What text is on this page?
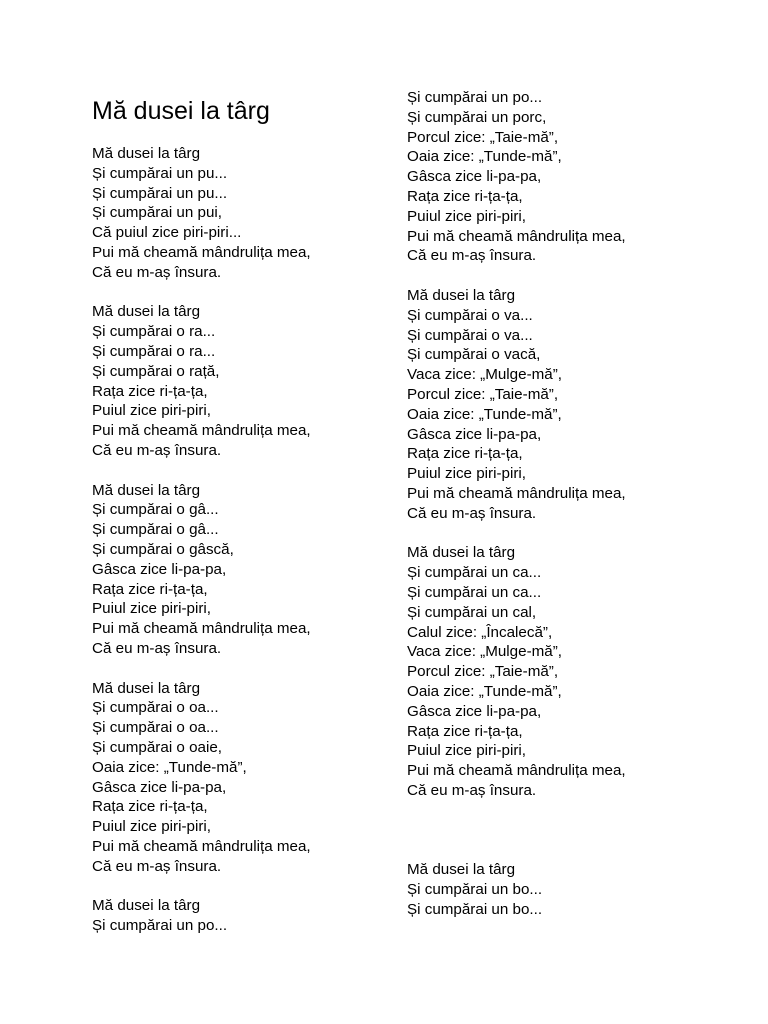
Mă dusei la târg
Mă dusei la târg
Și cumpărai un pu...
Și cumpărai un pu...
Și cumpărai un pui,
Că puiul zice piri-piri...
Pui mă cheamă mândrulița mea,
Că eu m-aș însura.
Mă dusei la târg
Și cumpărai o ra...
Și cumpărai o ra...
Și cumpărai o rață,
Rața zice ri-ța-ța,
Puiul zice piri-piri,
Pui mă cheamă mândrulița mea,
Că eu m-aș însura.
Mă dusei la târg
Și cumpărai o gâ...
Și cumpărai o gâ...
Și cumpărai o gâscă,
Gâsca zice li-pa-pa,
Rața zice ri-ța-ța,
Puiul zice piri-piri,
Pui mă cheamă mândrulița mea,
Că eu m-aș însura.
Mă dusei la târg
Și cumpărai o oa...
Și cumpărai o oa...
Și cumpărai o oaie,
Oaia zice: „Tunde-mă”,
Gâsca zice li-pa-pa,
Rața zice ri-ța-ța,
Puiul zice piri-piri,
Pui mă cheamă mândrulița mea,
Că eu m-aș însura.
Mă dusei la târg
Și cumpărai un po...
Și cumpărai un po...
Și cumpărai un porc,
Porcul zice: „Taie-mă”,
Oaia zice: „Tunde-mă”,
Gâsca zice li-pa-pa,
Rața zice ri-ța-ța,
Puiul zice piri-piri,
Pui mă cheamă mândrulița mea,
Că eu m-aș însura.
Mă dusei la târg
Și cumpărai o va...
Și cumpărai o va...
Și cumpărai o vacă,
Vaca zice: „Mulge-mă”,
Porcul zice: „Taie-mă”,
Oaia zice: „Tunde-mă”,
Gâsca zice li-pa-pa,
Rața zice ri-ța-ța,
Puiul zice piri-piri,
Pui mă cheamă mândrulița mea,
Că eu m-aș însura.
Mă dusei la târg
Și cumpărai un ca...
Și cumpărai un ca...
Și cumpărai un cal,
Calul zice: „Încalecă”,
Vaca zice: „Mulge-mă”,
Porcul zice: „Taie-mă”,
Oaia zice: „Tunde-mă”,
Gâsca zice li-pa-pa,
Rața zice ri-ța-ța,
Puiul zice piri-piri,
Pui mă cheamă mândrulița mea,
Că eu m-aș însura.
Mă dusei la târg
Și cumpărai un bo...
Și cumpărai un bo...
